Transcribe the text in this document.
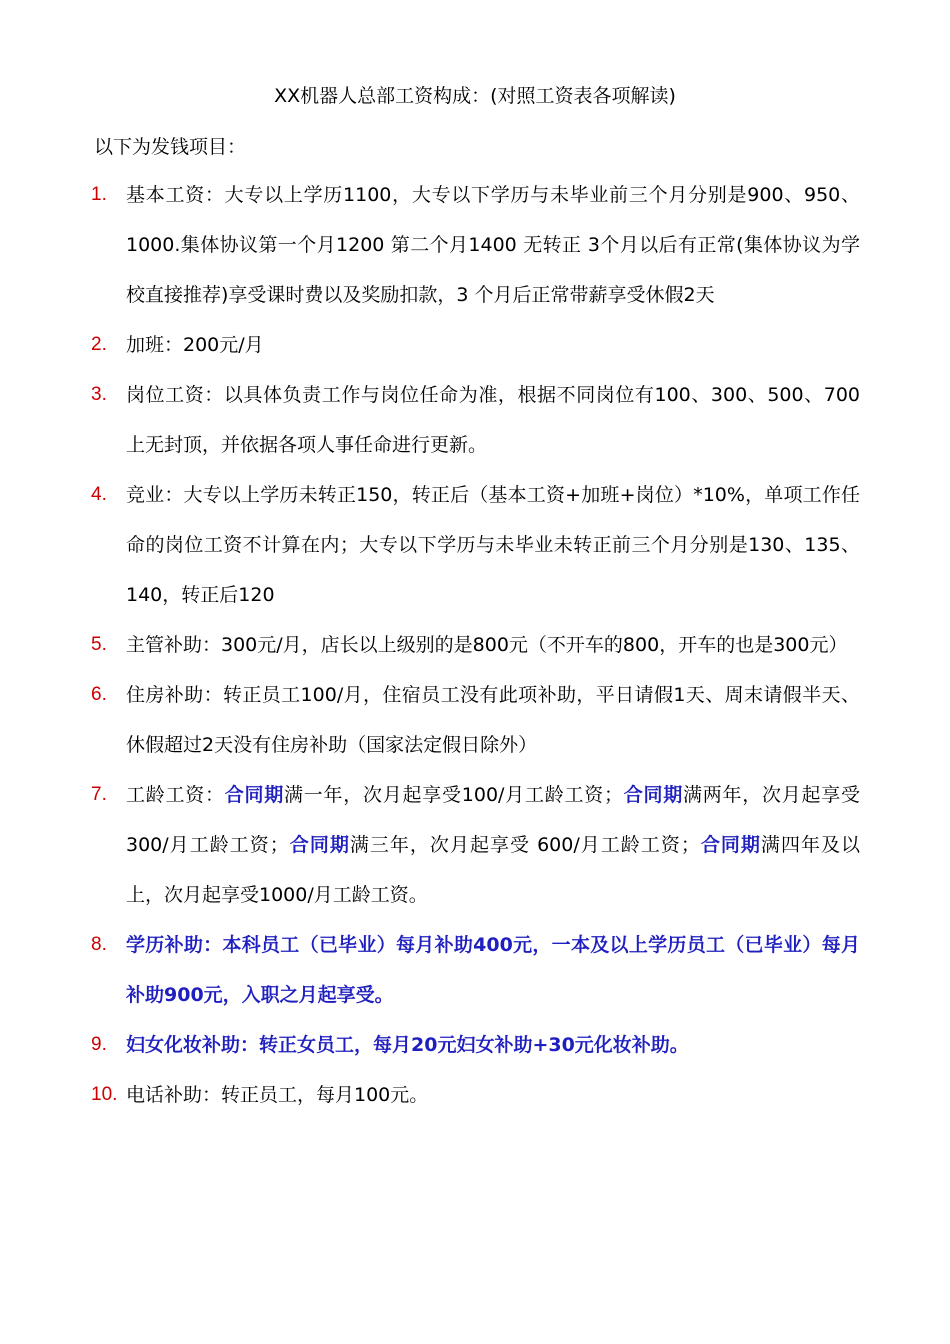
XX机器人总部工资构成：(对照工资表各项解读)
以下为发钱项目：

1. 基本工资：大专以上学历1100，大专以下学历与未毕业前三个月分别是900、950、1000.集体协议第一个月1200 第二个月1400 无转正 3个月以后有正常(集体协议为学校直接推荐)享受课时费以及奖励扣款，3 个月后正常带薪享受休假2天

2. 加班：200元/月

3. 岗位工资：以具体负责工作与岗位任命为准，根据不同岗位有100、300、500、700上无封顶，并依据各项人事任命进行更新。

4. 竞业：大专以上学历未转正150，转正后（基本工资+加班+岗位）*10%，单项工作任命的岗位工资不计算在内；大专以下学历与未毕业未转正前三个月分别是130、135、140，转正后120

5. 主管补助：300元/月，店长以上级别的是800元（不开车的800，开车的也是300元）

6. 住房补助：转正员工100/月，住宿员工没有此项补助，平日请假1天、周末请假半天、休假超过2天没有住房补助（国家法定假日除外）

7. 工龄工资：合同期满一年，次月起享受100/月工龄工资；合同期满两年，次月起享受 300/月工龄工资；合同期满三年，次月起享受 600/月工龄工资；合同期满四年及以上，次月起享受1000/月工龄工资。

8. 学历补助：本科员工（已毕业）每月补助400元，一本及以上学历员工（已毕业）每月补助900元，入职之月起享受。

9. 妇女化妆补助：转正女员工，每月20元妇女补助+30元化妆补助。

10. 电话补助：转正员工，每月100元。
